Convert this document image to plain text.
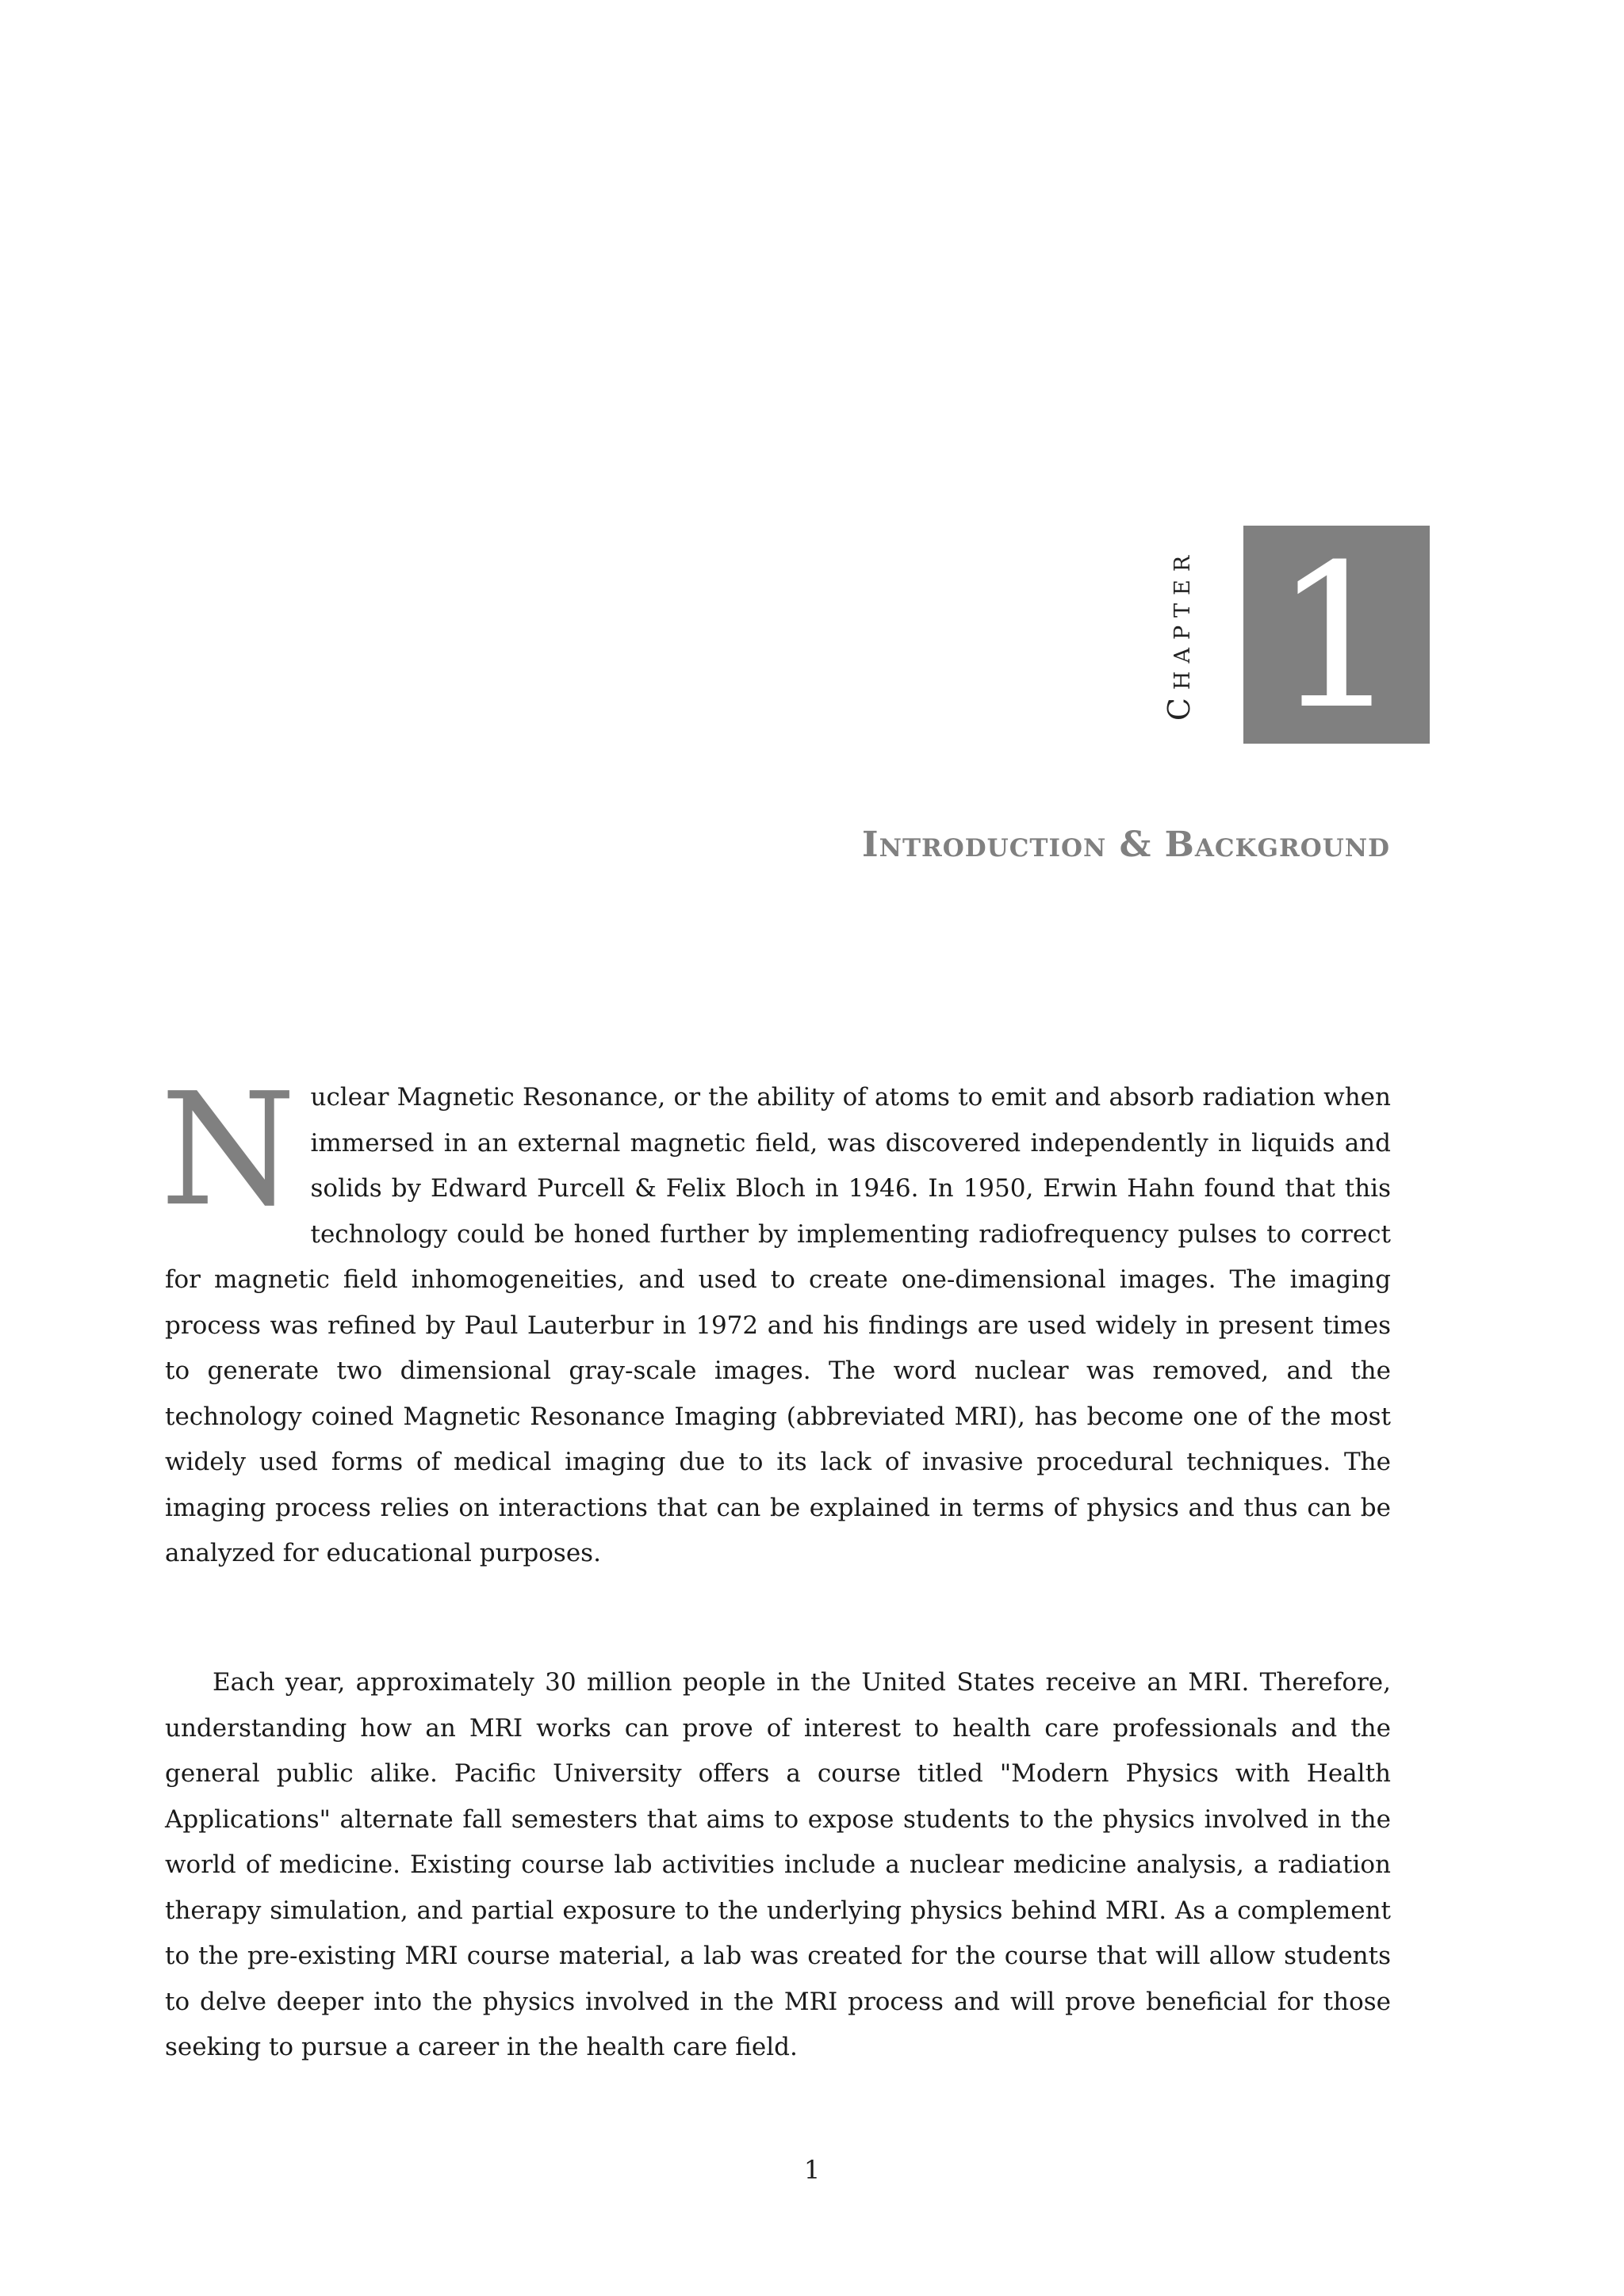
Chapter 1
Introduction & Background
N uclear Magnetic Resonance, or the ability of atoms to emit and absorb radiation when immersed in an external magnetic field, was discovered independently in liquids and solids by Edward Purcell & Felix Bloch in 1946. In 1950, Erwin Hahn found that this technology could be honed further by implementing radiofrequency pulses to correct for magnetic field inhomogeneities, and used to create one-dimensional images. The imaging process was refined by Paul Lauterbur in 1972 and his findings are used widely in present times to generate two dimensional gray-scale images. The word nuclear was removed, and the technology coined Magnetic Resonance Imaging (abbreviated MRI), has become one of the most widely used forms of medical imaging due to its lack of invasive procedural techniques. The imaging process relies on interactions that can be explained in terms of physics and thus can be analyzed for educational purposes.
Each year, approximately 30 million people in the United States receive an MRI. Therefore, understanding how an MRI works can prove of interest to health care professionals and the general public alike. Pacific University offers a course titled "Modern Physics with Health Applications" alternate fall semesters that aims to expose students to the physics involved in the world of medicine. Existing course lab activities include a nuclear medicine analysis, a radiation therapy simulation, and partial exposure to the underlying physics behind MRI. As a complement to the pre-existing MRI course material, a lab was created for the course that will allow students to delve deeper into the physics involved in the MRI process and will prove beneficial for those seeking to pursue a career in the health care field.
1
